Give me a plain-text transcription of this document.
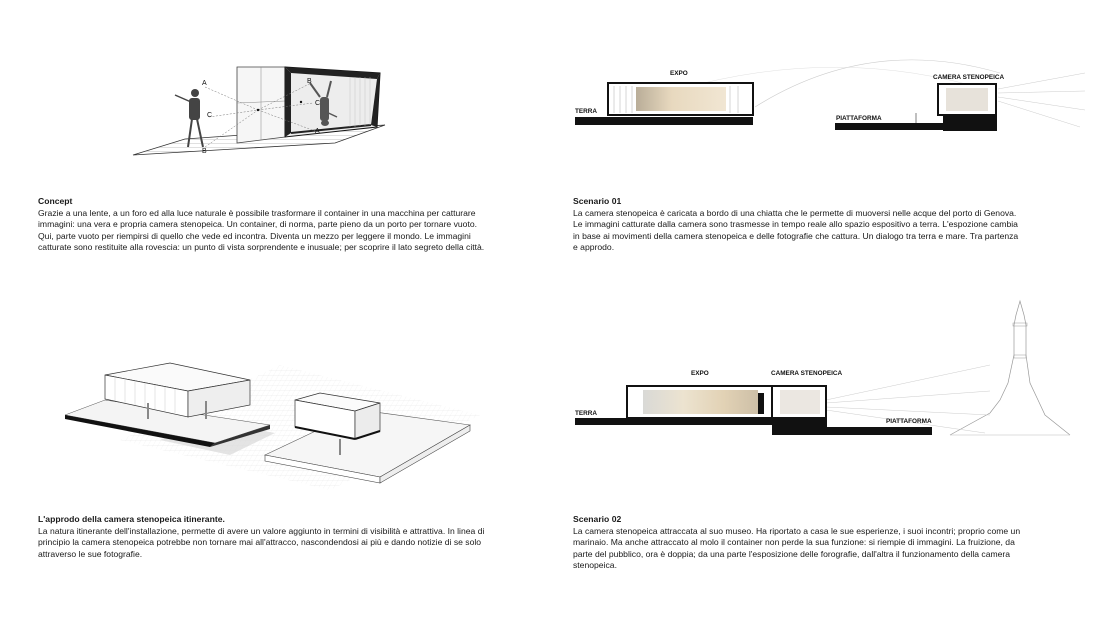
A
C
B
B
C
A
EXPO
CAMERA STENOPEICA
TERRA
PIATTAFORMA
EXPO	CAMERA STENOPEICA
TERRA
PIATTAFORMA
Concept
Grazie a una lente, a un foro ed alla luce naturale è possibile trasformare il container in una macchina per catturare immagini: una vera e propria camera stenopeica. Un container, di norma, parte pieno da un porto per tornare vuoto. Qui, parte vuoto per riempirsi di quello che vede ed incontra. Diventa un mezzo per leggere il mondo. Le immagini catturate sono restituite alla rovescia: un punto di vista sorprendente e inusuale; per scoprire il lato segreto della città.
Scenario 01
La camera stenopeica è caricata a bordo di una chiatta che le permette di muoversi nelle acque del porto di Genova. Le immagini catturate dalla camera sono trasmesse in tempo reale allo spazio espositivo a terra. L'espozione cambia in base ai movimenti della camera stenopeica e delle fotografie che cattura. Un dialogo tra terra e mare. Tra partenza e approdo.
L'approdo della camera stenopeica itinerante.
La natura itinerante dell'installazione, permette di avere un valore aggiunto in termini di visibilità e attrattiva. In linea di principio la camera stenopeica potrebbe non tornare mai all'attracco, nascondendosi ai più e dando notizie di se solo attraverso le sue fotografie.
Scenario 02
La camera stenopeica attraccata al suo museo. Ha riportato a casa le sue esperienze, i suoi incontri; proprio come un marinaio. Ma anche attraccato al molo il container non perde la sua funzione: si riempie di immagini. La fruizione, da parte del pubblico, ora è doppia; da una parte l'esposizione delle forografie, dall'altra il funzionamento della camera stenopeica.
